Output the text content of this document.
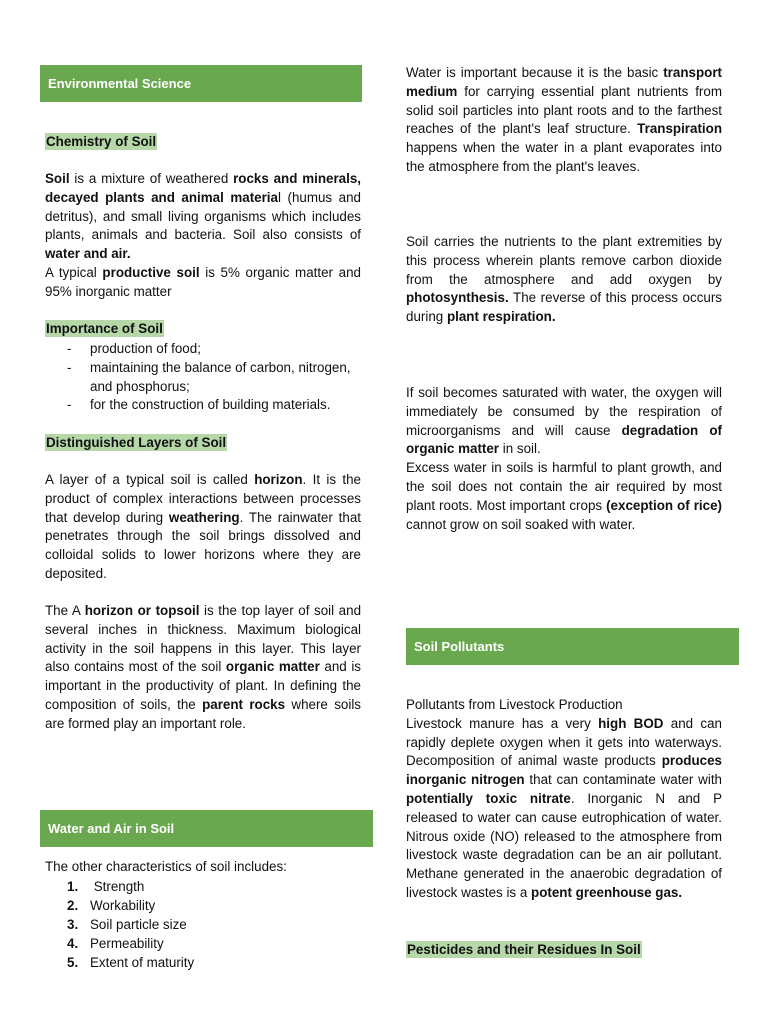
Environmental Science
Chemistry of Soil

Soil is a mixture of weathered rocks and minerals, decayed plants and animal material (humus and detritus), and small living organisms which includes plants, animals and bacteria. Soil also consists of water and air.

A typical productive soil is 5% organic matter and 95% inorganic matter

Importance of Soil
- production of food;
- maintaining the balance of carbon, nitrogen, and phosphorus;
- for the construction of building materials.
Distinguished Layers of Soil

A layer of a typical soil is called horizon. It is the product of complex interactions between processes that develop during weathering. The rainwater that penetrates through the soil brings dissolved and colloidal solids to lower horizons where they are deposited.

The A horizon or topsoil is the top layer of soil and several inches in thickness. Maximum biological activity in the soil happens in this layer. This layer also contains most of the soil organic matter and is important in the productivity of plant. In defining the composition of soils, the parent rocks where soils are formed play an important role.

Water and Air in Soil

The other characteristics of soil includes:

1. Strength
2. Workability
3. Soil particle size
4. Permeability
5. Extent of maturity

Water is important because it is the basic transport medium for carrying essential plant nutrients from solid soil particles into plant roots and to the farthest reaches of the plant's leaf structure. Transpiration happens when the water in a plant evaporates into the atmosphere from the plant's leaves.

Soil carries the nutrients to the plant extremities by this process wherein plants remove carbon dioxide from the atmosphere and add oxygen by photosynthesis. The reverse of this process occurs during plant respiration.

If soil becomes saturated with water, the oxygen will immediately be consumed by the respiration of microorganisms and will cause degradation of organic matter in soil.

Excess water in soils is harmful to plant growth, and the soil does not contain the air required by most plant roots. Most important crops (exception of rice) cannot grow on soil soaked with water.

Soil Pollutants

Pollutants from Livestock Production

Livestock manure has a very high BOD and can rapidly deplete oxygen when it gets into waterways. Decomposition of animal waste products produces inorganic nitrogen that can contaminate water with potentially toxic nitrate. Inorganic N and P released to water can cause eutrophication of water. Nitrous oxide (NO) released to the atmosphere from livestock waste degradation can be an air pollutant. Methane generated in the anaerobic degradation of livestock wastes is a potent greenhouse gas.

Pesticides and their Residues In Soil
